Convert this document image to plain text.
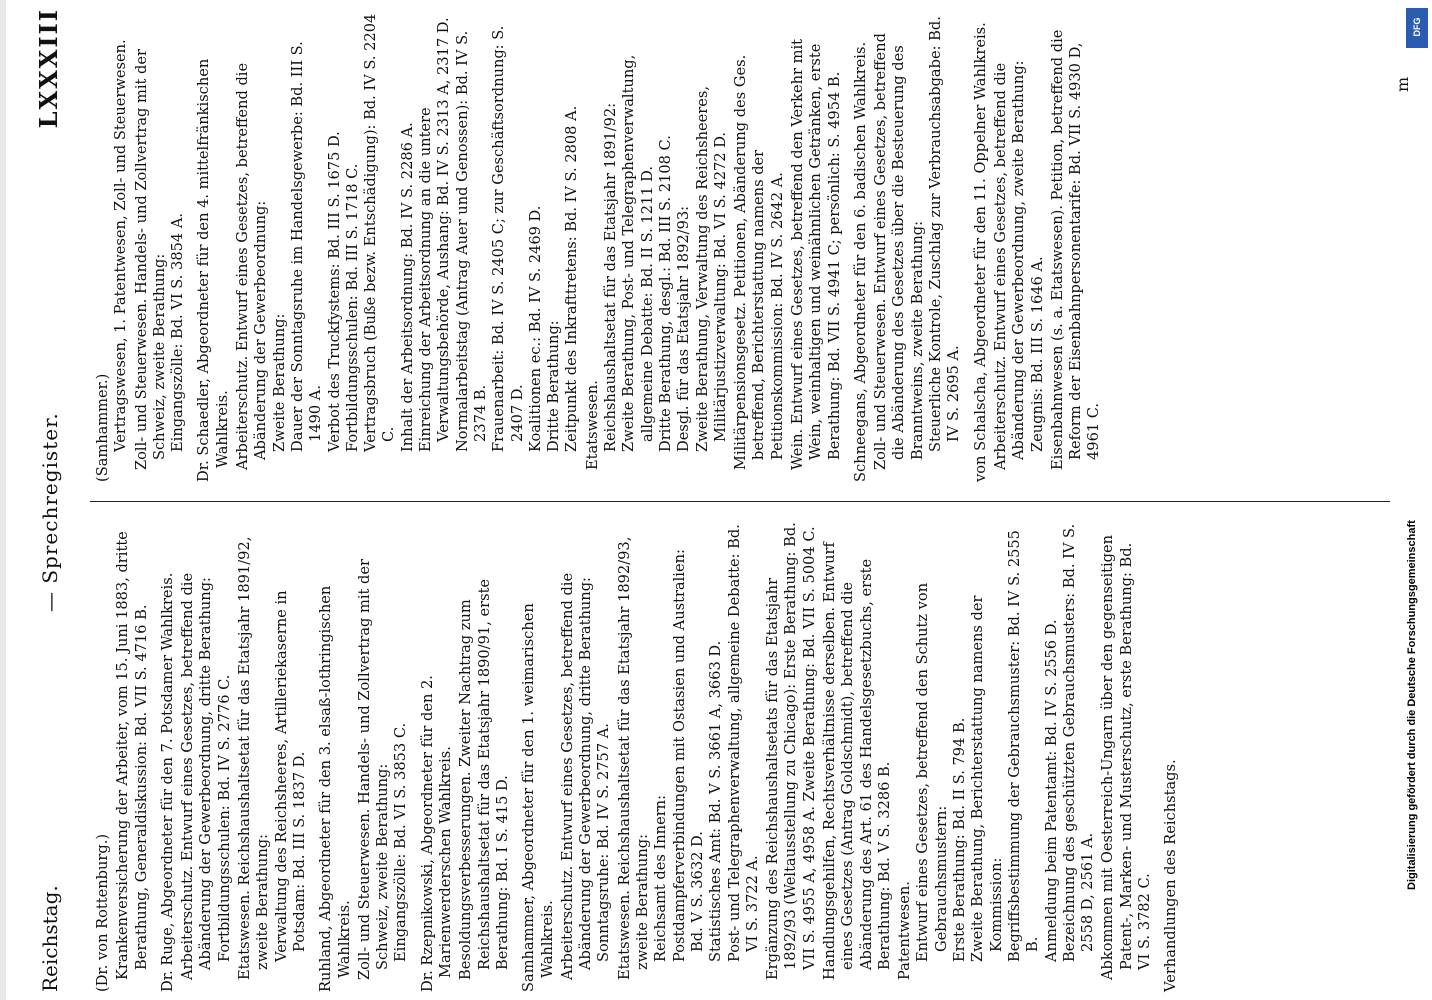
Reichstag.
— Sprechregister.
LXXXIII

(Dr. von Rottenburg.) Krankenversicherung der Arbeiter, vom 15. Juni 1883, dritte Berathung, Generaldiskussion: Bd. VII S. 4716 B. Dr. Ruge, Abgeordneter für den 7. Potsdamer Wahlkreis. Arbeiterschutz. Entwurf eines Gesetzes, betreffend die Abänderung der Gewerbeordnung, dritte Berathung: Fortbildungsschulen: Bd. IV S. 2776 C. Etatswesen. Reichshaushaltsetat für das Etatsjahr 1891/92, zweite Berathung: Verwaltung des Reichsheeres, Artilleriekaserne in Potsdam: Bd. III S. 1837 D. Ruhland, Abgeordneter für den 3. elsaß-lothringischen Wahlkreis. Zoll- und Steuerwesen. Handels- und Zollvertrag mit der Schweiz, zweite Berathung: Eingangszölle: Bd. VI S. 3853 C. Dr. Rzepnikowski, Abgeordneter für den 2. Marienwerderschen Wahlkreis. Besoldungsverbesserungen. Zweiter Nachtrag zum Reichshaushaltsetat für das Etatsjahr 1890/91, erste Berathung: Bd. I S. 415 D. Samhammer, Abgeordneter für den 1. weimarischen Wahlkreis. Arbeiterschutz. Entwurf eines Gesetzes, betreffend die Abänderung der Gewerbeordnung, dritte Berathung: Sonntagsruhe: Bd. IV S. 2757 A. Etatswesen. Reichshaushaltsetat für das Etatsjahr 1892/93, zweite Berathung: Reichsamt des Innern: Postdampferverbindungen mit Ostasien und Australien: Bd. V S. 3632 D. Statistisches Amt: Bd. V S. 3661 A, 3663 D. Post- und Telegraphenverwaltung, allgemeine Debatte: Bd. VI S. 3722 A. Ergänzung des Reichshaushaltsetats für das Etatsjahr 1892/93 (Weltausstellung zu Chicago): Erste Berathung: Bd. VII S. 4955 A, 4958 A. Zweite Berathung: Bd. VII S. 5004 C. Handlungsgehilfen, Rechtsverhältnisse derselben. Entwurf eines Gesetzes (Antrag Goldschmidt), betreffend die Abänderung des Art. 61 des Handelsgesetzbuchs, erste Berathung: Bd. V S. 3286 B. Patentwesen. Entwurf eines Gesetzes, betreffend den Schutz von Gebrauchsmustern: Erste Berathung: Bd. II S. 794 B. Zweite Berathung, Berichterstattung namens der Kommission: Begriffsbestimmung der Gebrauchsmuster: Bd. IV S. 2555 B. Anmeldung beim Patentamt: Bd. IV S. 2556 D. Bezeichnung des geschützten Gebrauchsmusters: Bd. IV S. 2558 D, 2561 A. Abkommen mit Oesterreich-Ungarn über den gegenseitigen Patent-, Marken- und Musterschutz, erste Berathung: Bd. VI S. 3782 C. Verhandlungen des Reichstags.

(Samhammer.) Vertragswesen, 1. Patentwesen, Zoll- und Steuerwesen. Zoll- und Steuerwesen. Handels- und Zollvertrag mit der Schweiz, zweite Berathung: Eingangszölle: Bd. VI S. 3854 A. Dr. Schaedler, Abgeordneter für den 4. mittelfränkischen Wahlkreis. Arbeiterschutz. Entwurf eines Gesetzes, betreffend die Abänderung der Gewerbeordnung: Zweite Berathung: Dauer der Sonntagsruhe im Handelsgewerbe: Bd. III S. 1490 A. Verbot des Truckfystems: Bd. III S. 1675 D. Fortbildungsschulen: Bd. III S. 1718 C. Vertragsbruch (Buße bezw. Entschädigung): Bd. IV S. 2204 C. Inhalt der Arbeitsordnung: Bd. IV S. 2286 A. Einreichung der Arbeitsordnung an die untere Verwaltungsbehörde, Aushang: Bd. IV S. 2313 A, 2317 D. Normalarbeitstag (Antrag Auer und Genossen): Bd. IV S. 2374 B. Frauenarbeit: Bd. IV S. 2405 C; zur Geschäftsordnung: S. 2407 D. Koalitionen ec.: Bd. IV S. 2469 D. Dritte Berathung: Zeitpunkt des Inkrafttretens: Bd. IV S. 2808 A. Etatswesen. Reichshaushaltsetat für das Etatsjahr 1891/92: Zweite Berathung, Post- und Telegraphenverwaltung, allgemeine Debatte: Bd. II S. 1211 D. Dritte Berathung, desgl.: Bd. III S. 2108 C. Desgl. für das Etatsjahr 1892/93: Zweite Berathung, Verwaltung des Reichsheeres, Militärjustizverwaltung: Bd. VI S. 4272 D. Militärpensionsgesetz. Petitionen, Abänderung des Ges. betreffend, Berichterstattung namens der Petitionskommission: Bd. IV S. 2642 A. Wein. Entwurf eines Gesetzes, betreffend den Verkehr mit Wein, weinhaltigen und weinähnlichen Getränken, erste Berathung: Bd. VII S. 4941 C; persönlich: S. 4954 B. Schneegans, Abgeordneter für den 6. badischen Wahlkreis. Zoll- und Steuerwesen. Entwurf eines Gesetzes, betreffend die Abänderung des Gesetzes über die Besteuerung des Branntweins, zweite Berathung: Steuerliche Kontrole, Zuschlag zur Verbrauchsabgabe: Bd. IV S. 2695 A. von Schalscha, Abgeordneter für den 11. Oppelner Wahlkreis. Arbeiterschutz. Entwurf eines Gesetzes, betreffend die Abänderung der Gewerbeordnung, zweite Berathung: Zeugnis: Bd. III S. 1646 A. Eisenbahnwesen (s. a. Etatswesen). Petition, betreffend die Reform der Eisenbahnpersonentarife: Bd. VII S. 4930 D, 4961 C.

m
DFG
Digitalisierung gefördert durch die Deutsche Forschungsgemeinschaft
